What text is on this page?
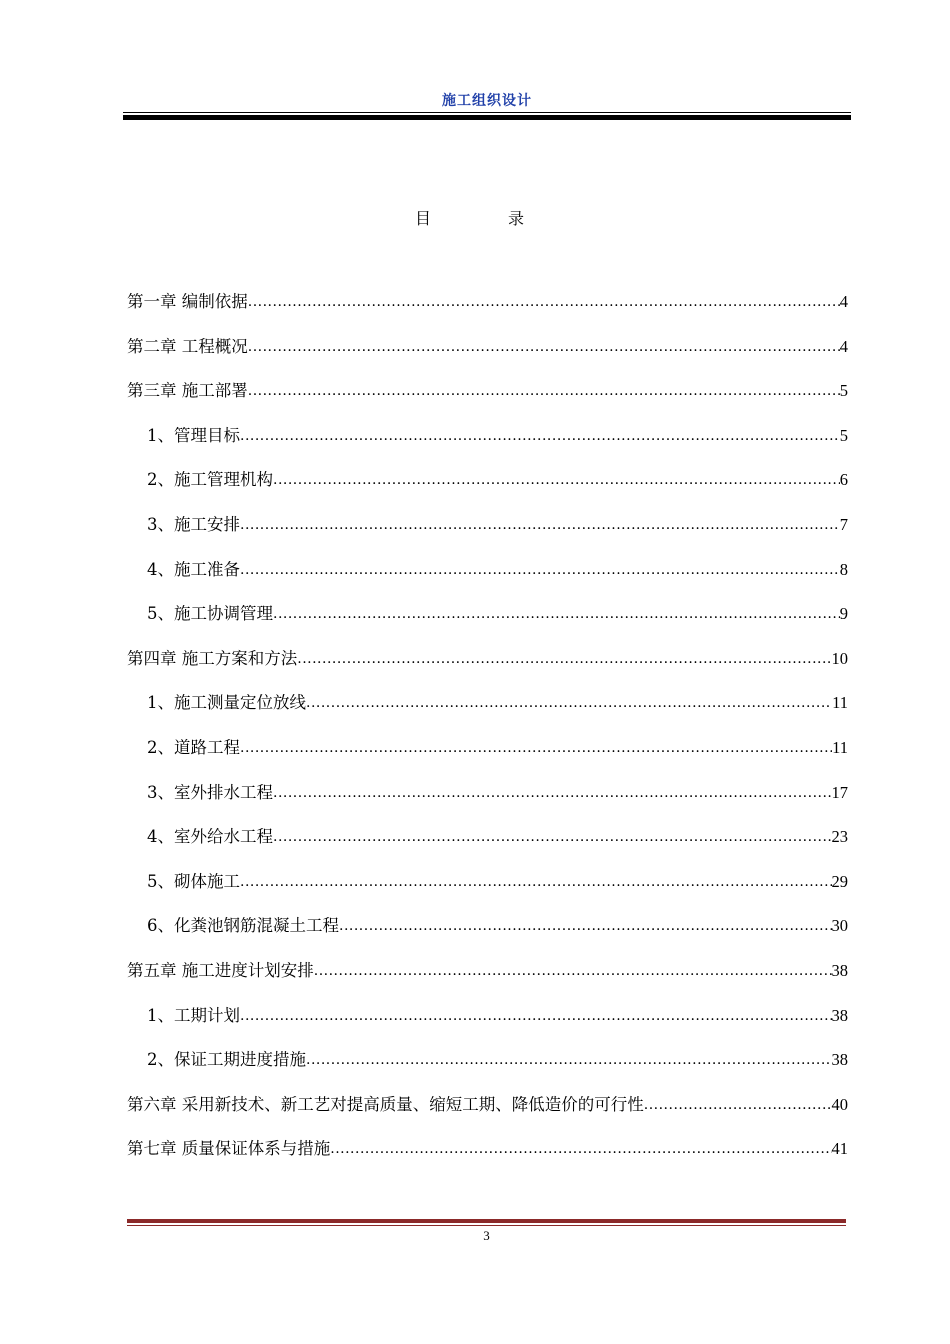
施工组织设计
目 录
第一章 编制依据 .....	4
第二章 工程概况 .....	4
第三章 施工部署 .....	5
1、管理目标 .....	5
2、施工管理机构 .....	6
3、施工安排 .....	7
4、施工准备 .....	8
5、施工协调管理 .....	9
第四章 施工方案和方法 .....	10
1、施工测量定位放线 .....	11
2、道路工程 .....	11
3、室外排水工程 .....	17
4、室外给水工程 .....	23
5、砌体施工 .....	29
6、化粪池钢筋混凝土工程 .....	30
第五章 施工进度计划安排 .....	38
1、工期计划 .....	38
2、保证工期进度措施 .....	38
第六章 采用新技术、新工艺对提高质量、缩短工期、降低造价的可行性 .....	40
第七章 质量保证体系与措施 .....	41
3
